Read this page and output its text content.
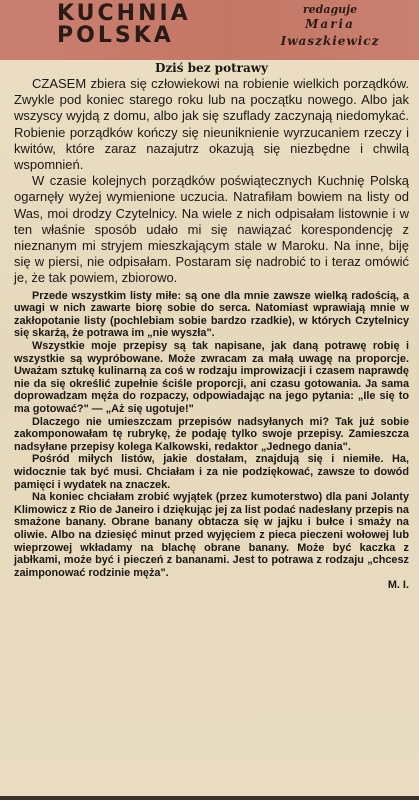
KUCHNIA
POLSKA
redaguje
Maria
Iwaszkiewicz
Dziś bez potrawy

CZASEM zbiera się człowiekowi na robienie wielkich porządków. Zwykle pod koniec starego roku lub na początku nowego. Albo jak wszyscy wyjdą z domu, albo jak się szuflady zaczynają niedomykać. Robienie porządków kończy się nieuniknienie wyrzucaniem rzeczy i kwitów, które zaraz nazajutrz okazują się niezbędne i chwilą wspomnień.

W czasie kolejnych porządków poświątecznych Kuchnię Polską ogarnęły wyżej wymienione uczucia. Natrafiłam bowiem na listy od Was, moi drodzy Czytelnicy. Na wiele z nich odpisałam listownie i w ten właśnie sposób udało mi się nawiązać korespondencję z nieznanym mi stryjem mieszkającym stale w Maroku. Na inne, biję się w piersi, nie odpisałam. Postaram się nadrobić to i teraz omówić je, że tak powiem, zbiorowo.

Przede wszystkim listy miłe: są one dla mnie zawsze wielką radością, a uwagi w nich zawarte biorę sobie do serca. Natomiast wprawiają mnie w zakłopotanie listy (pochlebiam sobie bardzo rzadkie), w których Czytelnicy się skarżą, że potrawa im „nie wyszła".

Wszystkie moje przepisy są tak napisane, jak daną potrawę robię i wszystkie są wypróbowane. Może zwracam za małą uwagę na proporcje. Uważam sztukę kulinarną za coś w rodzaju improwizacji i czasem naprawdę nie da się określić zupełnie ściśle proporcji, ani czasu gotowania. Ja sama doprowadzam męża do rozpaczy, odpowiadając na jego pytania: „Ile się to ma gotować?" — „Aż się ugotuje!"

Dlaczego nie umieszczam przepisów nadsyłanych mi? Tak już sobie zakomponowałam tę rubrykę, że podaję tylko swoje przepisy. Zamieszcza nadsyłane przepisy kolega Kalkowski, redaktor „Jednego dania".

Pośród miłych listów, jakie dostałam, znajdują się i niemiłe. Ha, widocznie tak być musi. Chciałam i za nie podziękować, zawsze to dowód pamięci i wydatek na znaczek.

Na koniec chciałam zrobić wyjątek (przez kumoterstwo) dla pani Jolanty Klimowicz z Rio de Janeiro i dziękując jej za list podać nadesłany przepis na smażone banany. Obrane banany obtacza się w jajku i bułce i smaży na oliwie. Albo na dziesięć minut przed wyjęciem z pieca pieczeni wołowej lub wieprzowej wkładamy na blachę obrane banany. Może być kaczka z jabłkami, może być i pieczeń z bananami. Jest to potrawa z rodzaju „chcesz zaimponować rodzinie męża".

M. I.
